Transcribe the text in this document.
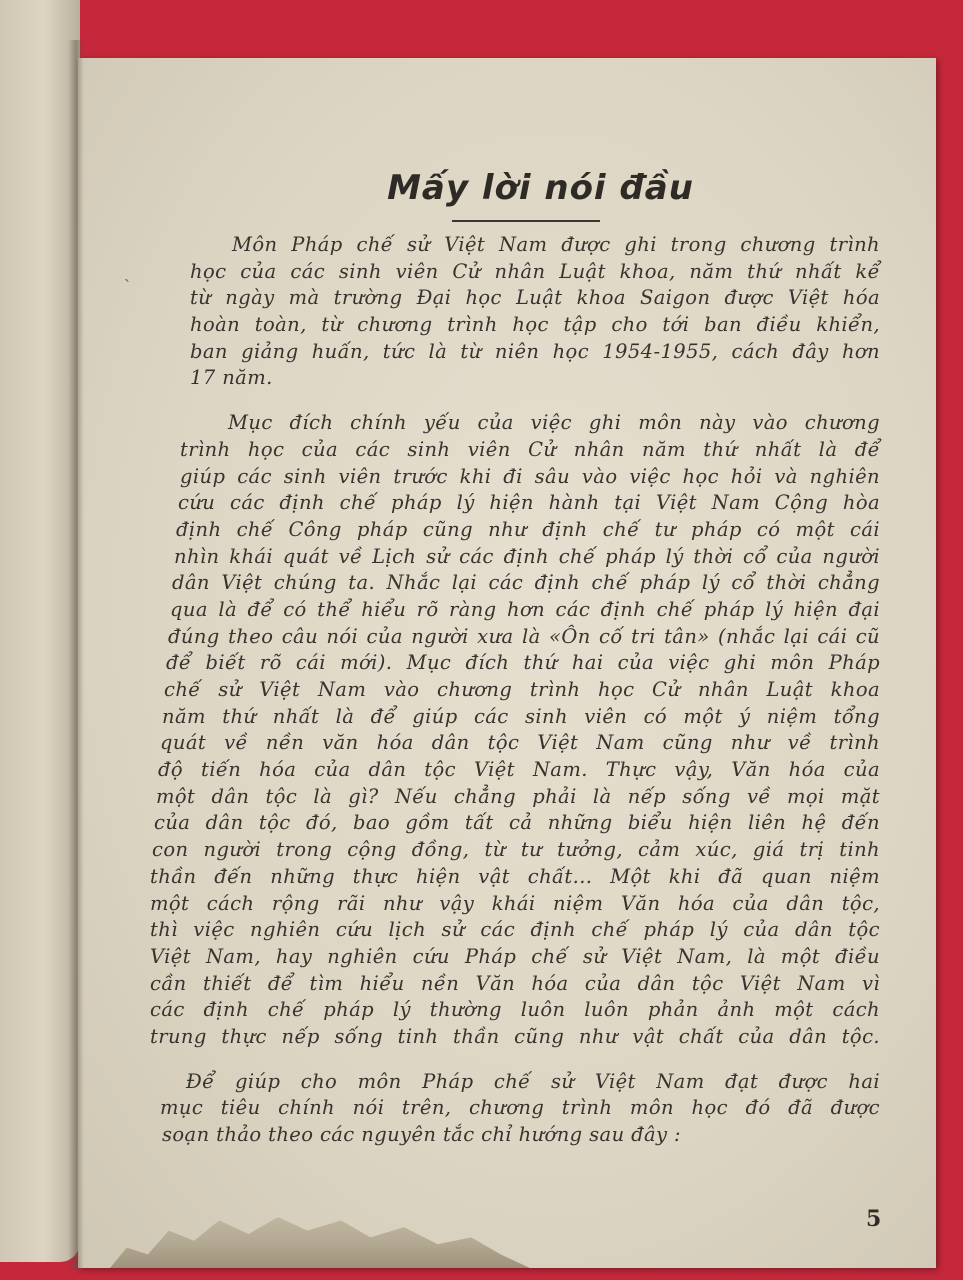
ˏ
Mấy lời nói đầu
Môn Pháp chế sử Việt Nam được ghi trong chương trình
học của các sinh viên Cử nhân Luật khoa, năm thứ nhất kể
từ ngày mà trường Đại học Luật khoa Saigon được Việt hóa
hoàn toàn, từ chương trình học tập cho tới ban điều khiển,
ban giảng huấn, tức là từ niên học 1954-1955, cách đây hơn
17 năm.
Mục đích chính yếu của việc ghi môn này vào chương
trình học của các sinh viên Cử nhân năm thứ nhất là để
giúp các sinh viên trước khi đi sâu vào việc học hỏi và nghiên
cứu các định chế pháp lý hiện hành tại Việt Nam Cộng hòa
định chế Công pháp cũng như định chế tư pháp có một cái
nhìn khái quát về Lịch sử các định chế pháp lý thời cổ của người
dân Việt chúng ta. Nhắc lại các định chế pháp lý cổ thời chẳng
qua là để có thể hiểu rõ ràng hơn các định chế pháp lý hiện đại
đúng theo câu nói của người xưa là «Ôn cố tri tân» (nhắc lại cái cũ
để biết rõ cái mới). Mục đích thứ hai của việc ghi môn Pháp
chế sử Việt Nam vào chương trình học Cử nhân Luật khoa
năm thứ nhất là để giúp các sinh viên có một ý niệm tổng
quát về nền văn hóa dân tộc Việt Nam cũng như về trình
độ tiến hóa của dân tộc Việt Nam. Thực vậy, Văn hóa của
một dân tộc là gì? Nếu chẳng phải là nếp sống về mọi mặt
của dân tộc đó, bao gồm tất cả những biểu hiện liên hệ đến
con người trong cộng đồng, từ tư tưởng, cảm xúc, giá trị tinh
thần đến những thực hiện vật chất... Một khi đã quan niệm
một cách rộng rãi như vậy khái niệm Văn hóa của dân tộc,
thì việc nghiên cứu lịch sử các định chế pháp lý của dân tộc
Việt Nam, hay nghiên cứu Pháp chế sử Việt Nam, là một điều
cần thiết để tìm hiểu nền Văn hóa của dân tộc Việt Nam vì
các định chế pháp lý thường luôn luôn phản ảnh một cách
trung thực nếp sống tinh thần cũng như vật chất của dân tộc.
Để giúp cho môn Pháp chế sử Việt Nam đạt được hai
mục tiêu chính nói trên, chương trình môn học đó đã được
soạn thảo theo các nguyên tắc chỉ hướng sau đây :
5
